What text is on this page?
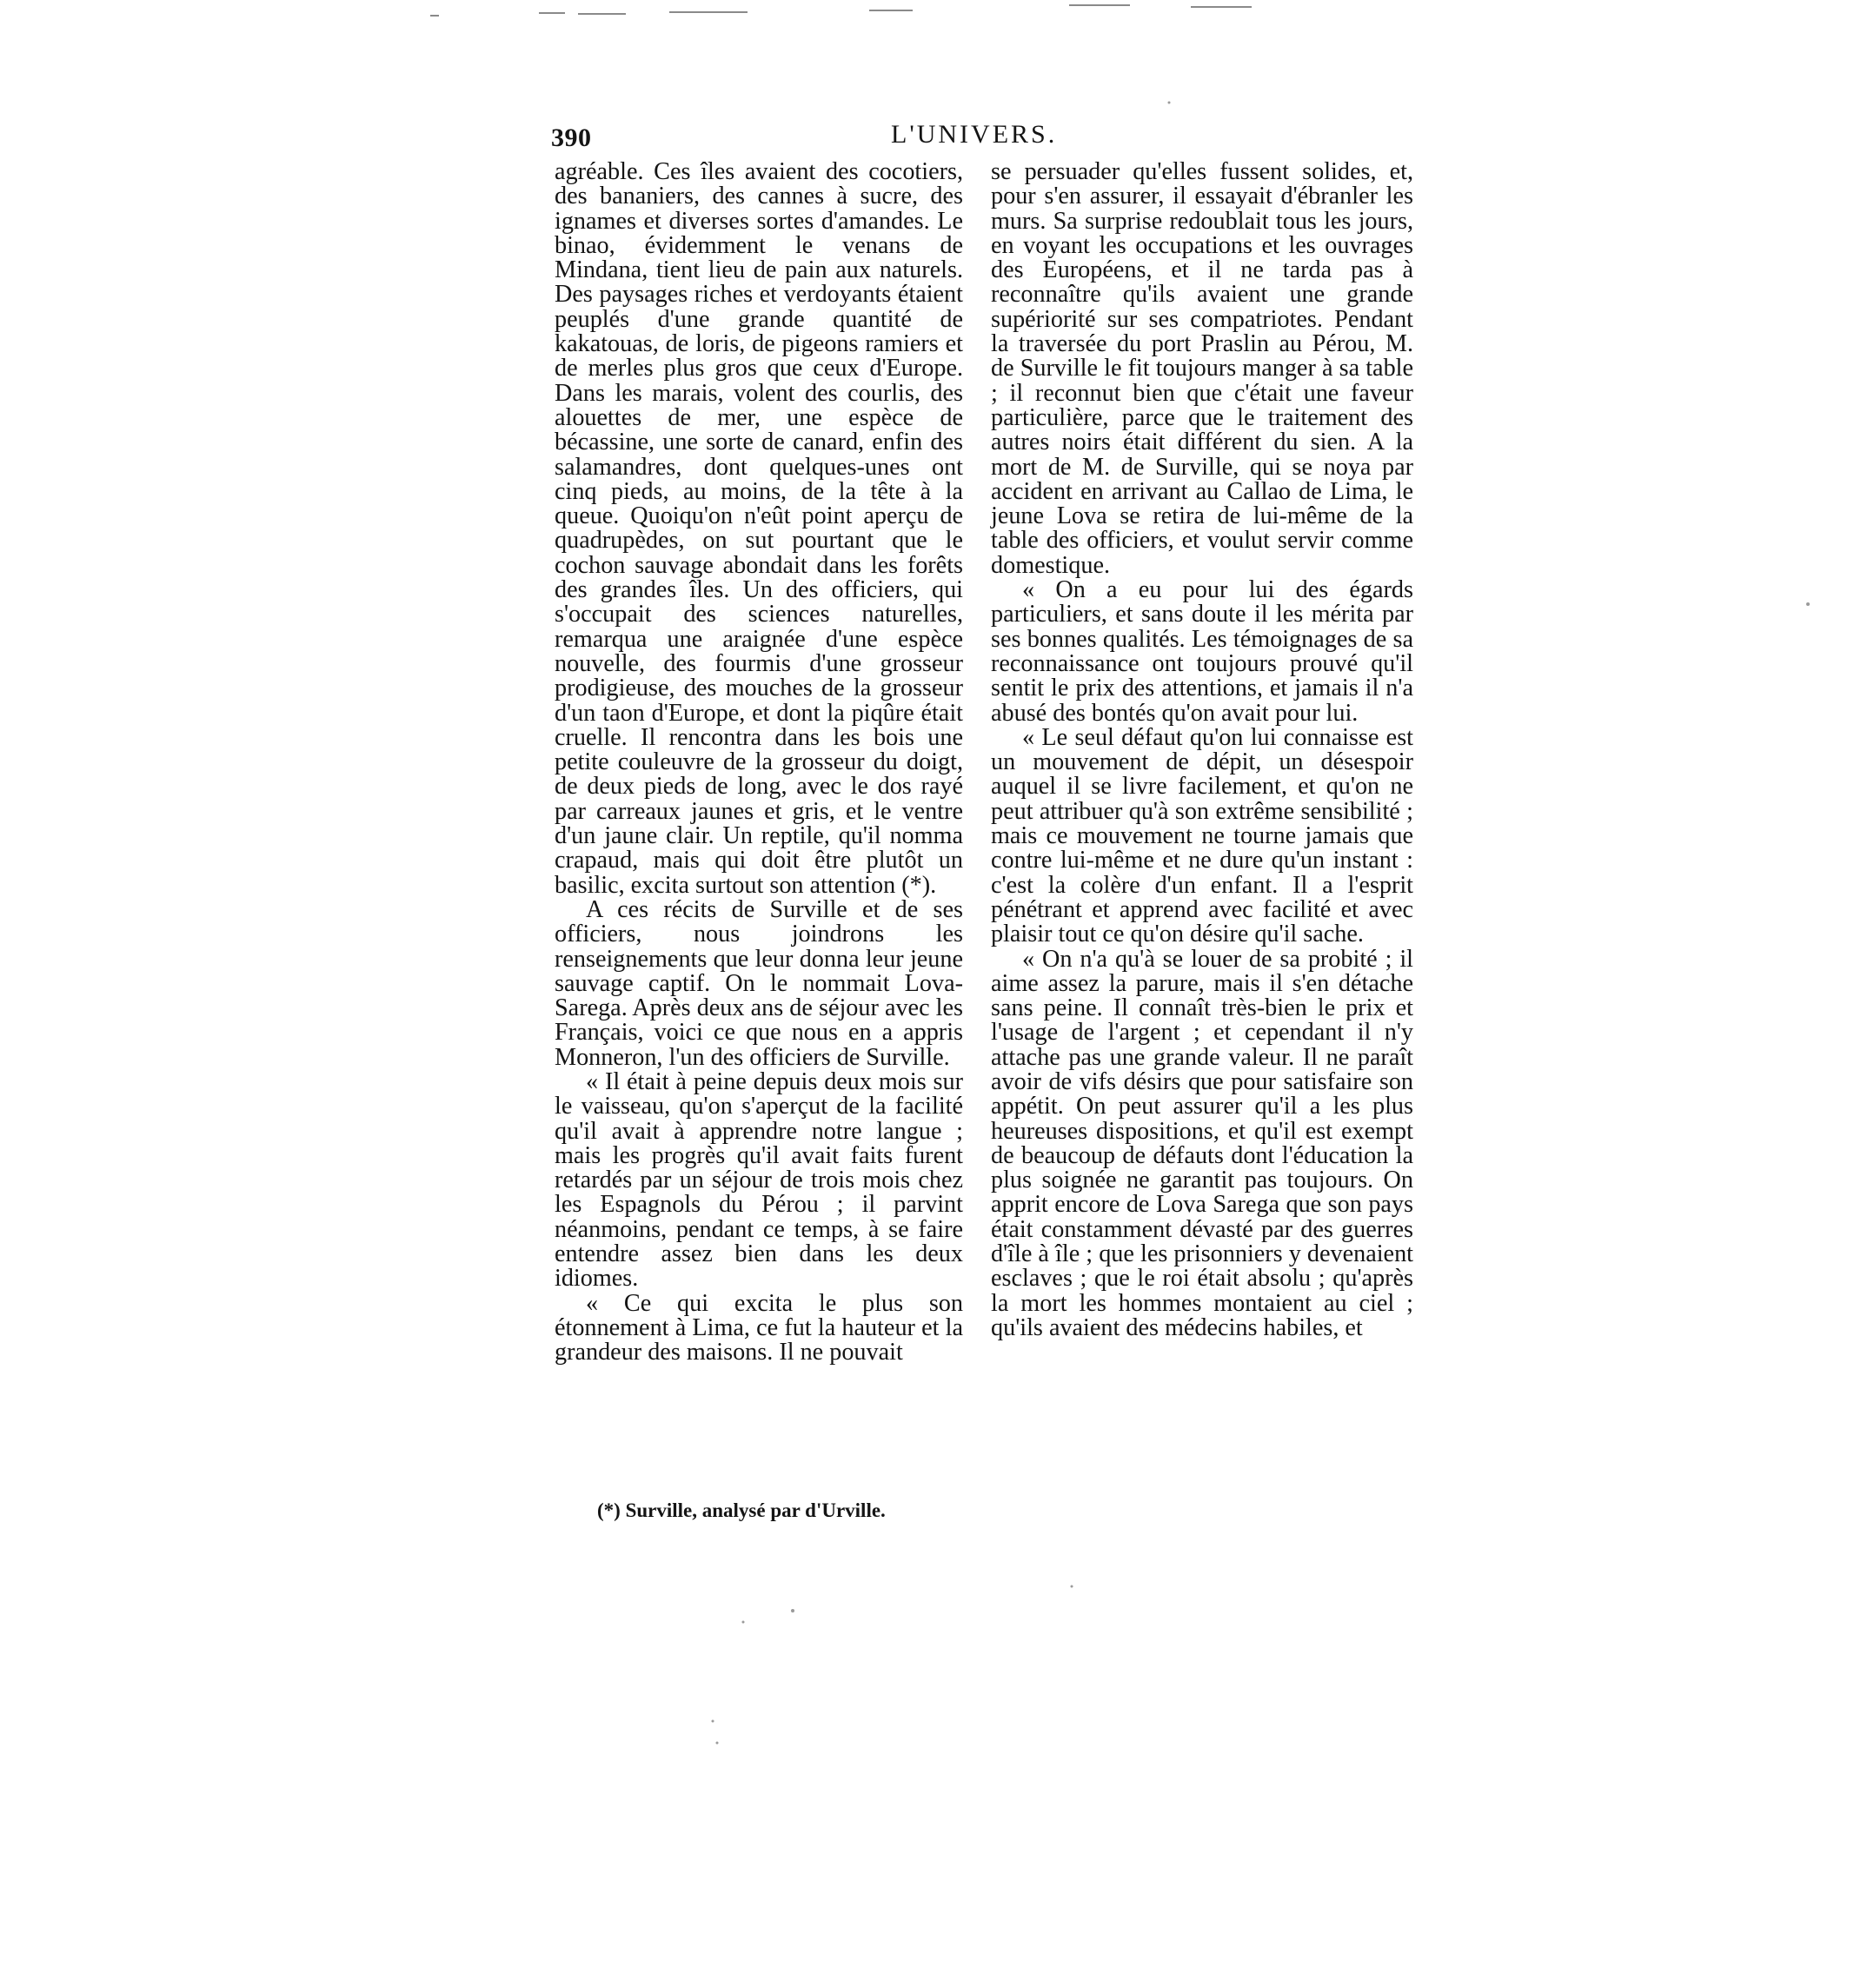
390	L'UNIVERS.

agréable. Ces îles avaient des cocotiers, des bananiers, des cannes à sucre, des ignames et diverses sortes d'amandes. Le binao, évidemment le venans de Mindana, tient lieu de pain aux naturels. Des paysages riches et verdoyants étaient peuplés d'une grande quantité de kakatouas, de loris, de pigeons ramiers et de merles plus gros que ceux d'Europe. Dans les marais, volent des courlis, des alouettes de mer, une espèce de bécassine, une sorte de canard, enfin des salamandres, dont quelques-unes ont cinq pieds, au moins, de la tête à la queue. Quoiqu'on n'eût point aperçu de quadrupèdes, on sut pourtant que le cochon sauvage abondait dans les forêts des grandes îles. Un des officiers, qui s'occupait des sciences naturelles, remarqua une araignée d'une espèce nouvelle, des fourmis d'une grosseur prodigieuse, des mouches de la grosseur d'un taon d'Europe, et dont la piqûre était cruelle. Il rencontra dans les bois une petite couleuvre de la grosseur du doigt, de deux pieds de long, avec le dos rayé par carreaux jaunes et gris, et le ventre d'un jaune clair. Un reptile, qu'il nomma crapaud, mais qui doit être plutôt un basilic, excita surtout son attention (*).

A ces récits de Surville et de ses officiers, nous joindrons les renseignements que leur donna leur jeune sauvage captif. On le nommait Lova-Sarega. Après deux ans de séjour avec les Français, voici ce que nous en a appris Monneron, l'un des officiers de Surville.

« Il était à peine depuis deux mois sur le vaisseau, qu'on s'aperçut de la facilité qu'il avait à apprendre notre langue ; mais les progrès qu'il avait faits furent retardés par un séjour de trois mois chez les Espagnols du Pérou ; il parvint néanmoins, pendant ce temps, à se faire entendre assez bien dans les deux idiomes.

« Ce qui excita le plus son étonnement à Lima, ce fut la hauteur et la grandeur des maisons. Il ne pouvait

(*) Surville, analysé par d'Urville.

se persuader qu'elles fussent solides, et, pour s'en assurer, il essayait d'ébranler les murs. Sa surprise redoublait tous les jours, en voyant les occupations et les ouvrages des Européens, et il ne tarda pas à reconnaître qu'ils avaient une grande supériorité sur ses compatriotes. Pendant la traversée du port Praslin au Pérou, M. de Surville le fit toujours manger à sa table ; il reconnut bien que c'était une faveur particulière, parce que le traitement des autres noirs était différent du sien. A la mort de M. de Surville, qui se noya par accident en arrivant au Callao de Lima, le jeune Lova se retira de lui-même de la table des officiers, et voulut servir comme domestique.

« On a eu pour lui des égards particuliers, et sans doute il les mérita par ses bonnes qualités. Les témoignages de sa reconnaissance ont toujours prouvé qu'il sentit le prix des attentions, et jamais il n'a abusé des bontés qu'on avait pour lui.

« Le seul défaut qu'on lui connaisse est un mouvement de dépit, un désespoir auquel il se livre facilement, et qu'on ne peut attribuer qu'à son extrême sensibilité ; mais ce mouvement ne tourne jamais que contre lui-même et ne dure qu'un instant : c'est la colère d'un enfant. Il a l'esprit pénétrant et apprend avec facilité et avec plaisir tout ce qu'on désire qu'il sache.

« On n'a qu'à se louer de sa probité ; il aime assez la parure, mais il s'en détache sans peine. Il connaît très-bien le prix et l'usage de l'argent ; et cependant il n'y attache pas une grande valeur. Il ne paraît avoir de vifs désirs que pour satisfaire son appétit. On peut assurer qu'il a les plus heureuses dispositions, et qu'il est exempt de beaucoup de défauts dont l'éducation la plus soignée ne garantit pas toujours. On apprit encore de Lova Sarega que son pays était constamment dévasté par des guerres d'île à île ; que les prisonniers y devenaient esclaves ; que le roi était absolu ; qu'après la mort les hommes montaient au ciel ; qu'ils avaient des médecins habiles, et
